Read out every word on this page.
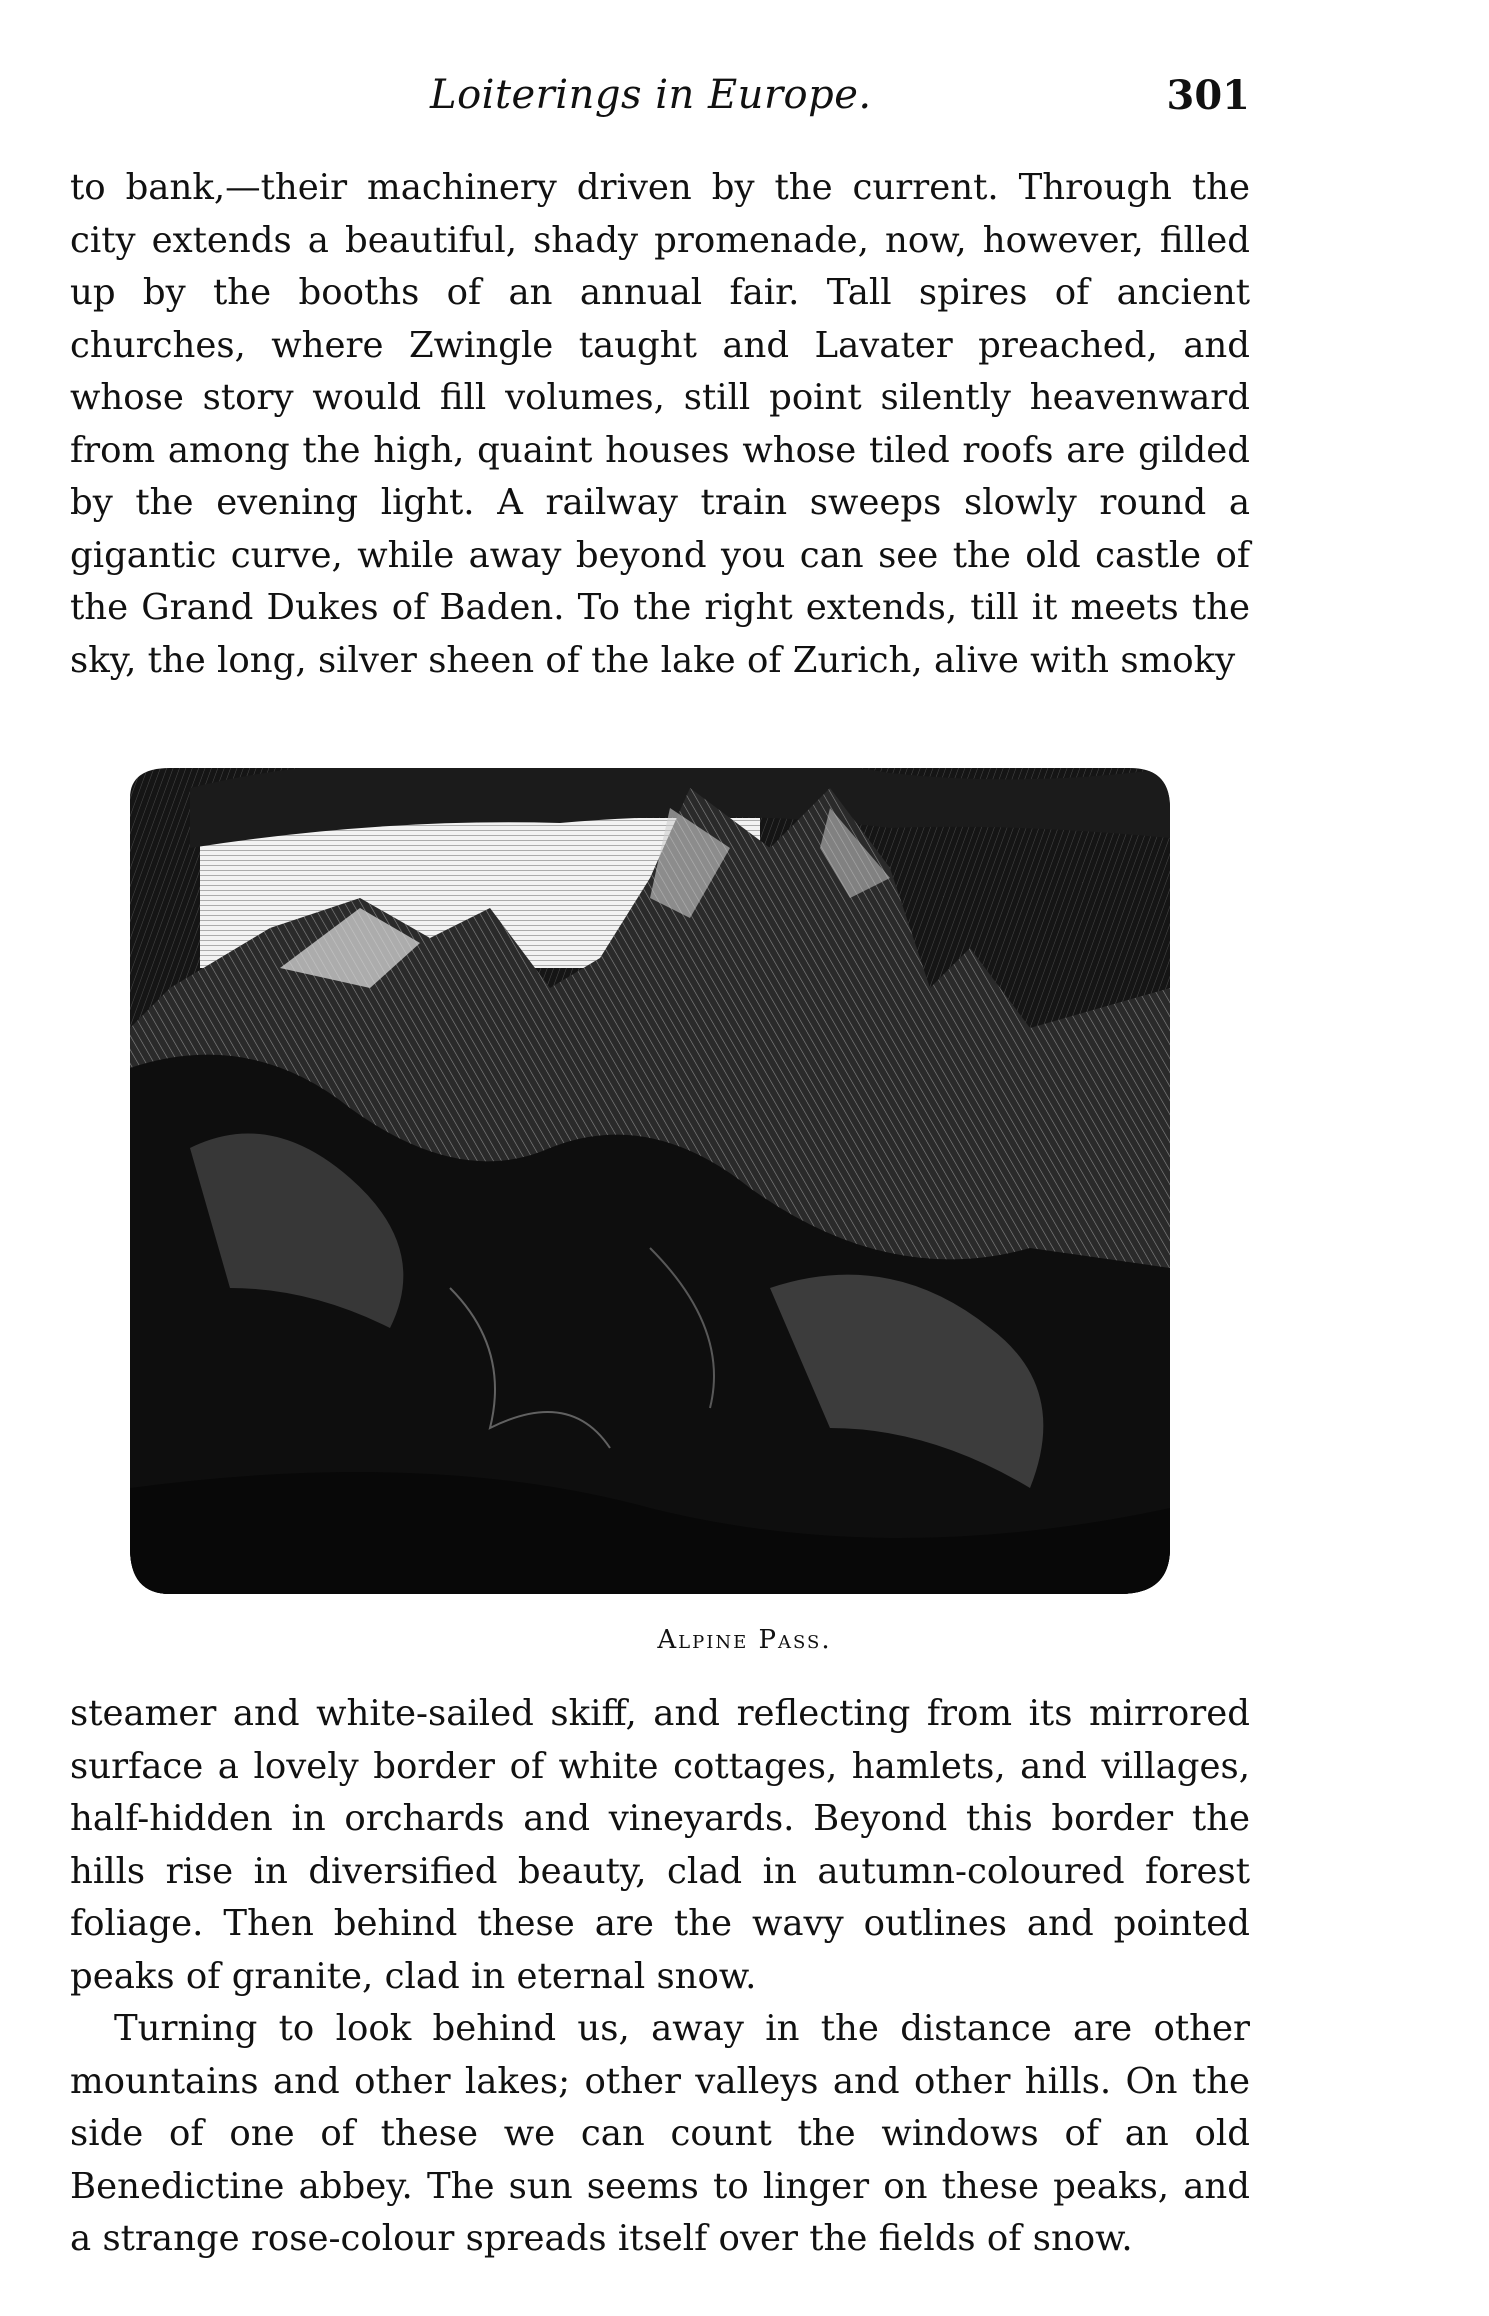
Loiterings in Europe.	301

to bank,—their machinery driven by the current. Through the city extends a beautiful, shady promenade, now, however, filled up by the booths of an annual fair. Tall spires of ancient churches, where Zwingle taught and Lavater preached, and whose story would fill volumes, still point silently heavenward from among the high, quaint houses whose tiled roofs are gilded by the evening light. A railway train sweeps slowly round a gigantic curve, while away beyond you can see the old castle of the Grand Dukes of Baden. To the right extends, till it meets the sky, the long, silver sheen of the lake of Zurich, alive with smoky

Alpine Pass.

steamer and white-sailed skiff, and reflecting from its mirrored surface a lovely border of white cottages, hamlets, and villages, half-hidden in orchards and vineyards. Beyond this border the hills rise in diversified beauty, clad in autumn-coloured forest foliage. Then behind these are the wavy outlines and pointed peaks of granite, clad in eternal snow.

Turning to look behind us, away in the distance are other mountains and other lakes; other valleys and other hills. On the side of one of these we can count the windows of an old Benedictine abbey. The sun seems to linger on these peaks, and a strange rose-colour spreads itself over the fields of snow.
